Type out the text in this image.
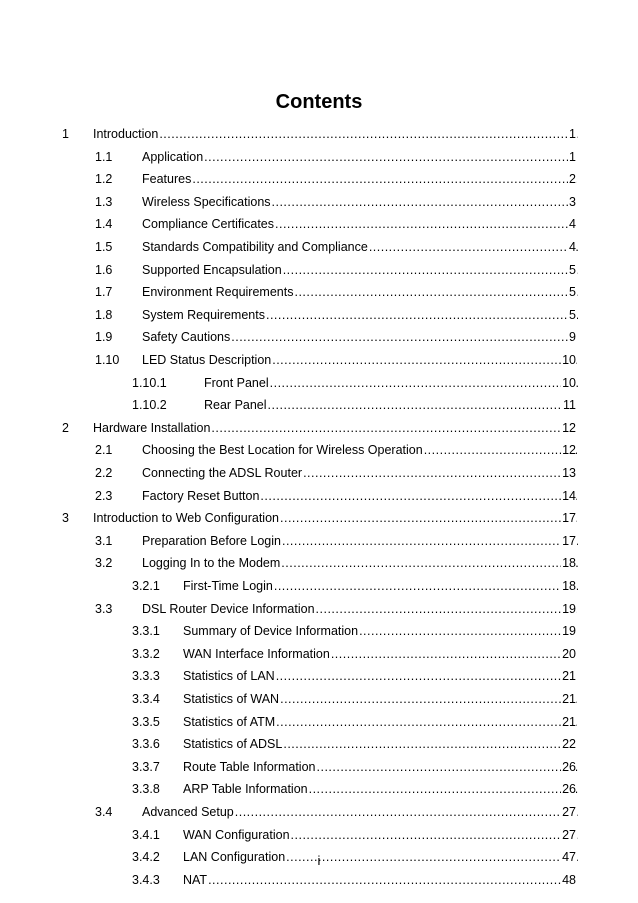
Contents
1 Introduction .....	1
1.1 Application .....	1
1.2 Features .....	2
1.3 Wireless Specifications .....	3
1.4 Compliance Certificates .....	4
1.5 Standards Compatibility and Compliance .....	4
1.6 Supported Encapsulation .....	5
1.7 Environment Requirements .....	5
1.8 System Requirements .....	5
1.9 Safety Cautions .....	9
1.10 LED Status Description .....	10
1.10.1	Front Panel .....	10
1.10.2	Rear Panel .....	11
2 Hardware Installation .....	12
2.1 Choosing the Best Location for Wireless Operation .....	12
2.2 Connecting the ADSL Router .....	13
2.3 Factory Reset Button .....	14
3 Introduction to Web Configuration .....	17
3.1 Preparation Before Login .....	17
3.2 Logging In to the Modem .....	18
3.2.1 First-Time Login .....	18
3.3 DSL Router Device Information .....	19
3.3.1 Summary of Device Information .....	19
3.3.2 WAN Interface Information .....	20
3.3.3 Statistics of LAN .....	21
3.3.4 Statistics of WAN .....	21
3.3.5 Statistics of ATM .....	21
3.3.6 Statistics of ADSL .....	22
3.3.7 Route Table Information .....	26
3.3.8 ARP Table Information .....	26
3.4 Advanced Setup .....	27
3.4.1 WAN Configuration .....	27
3.4.2 LAN Configuration .....	47
3.4.3 NAT .....	48
i
